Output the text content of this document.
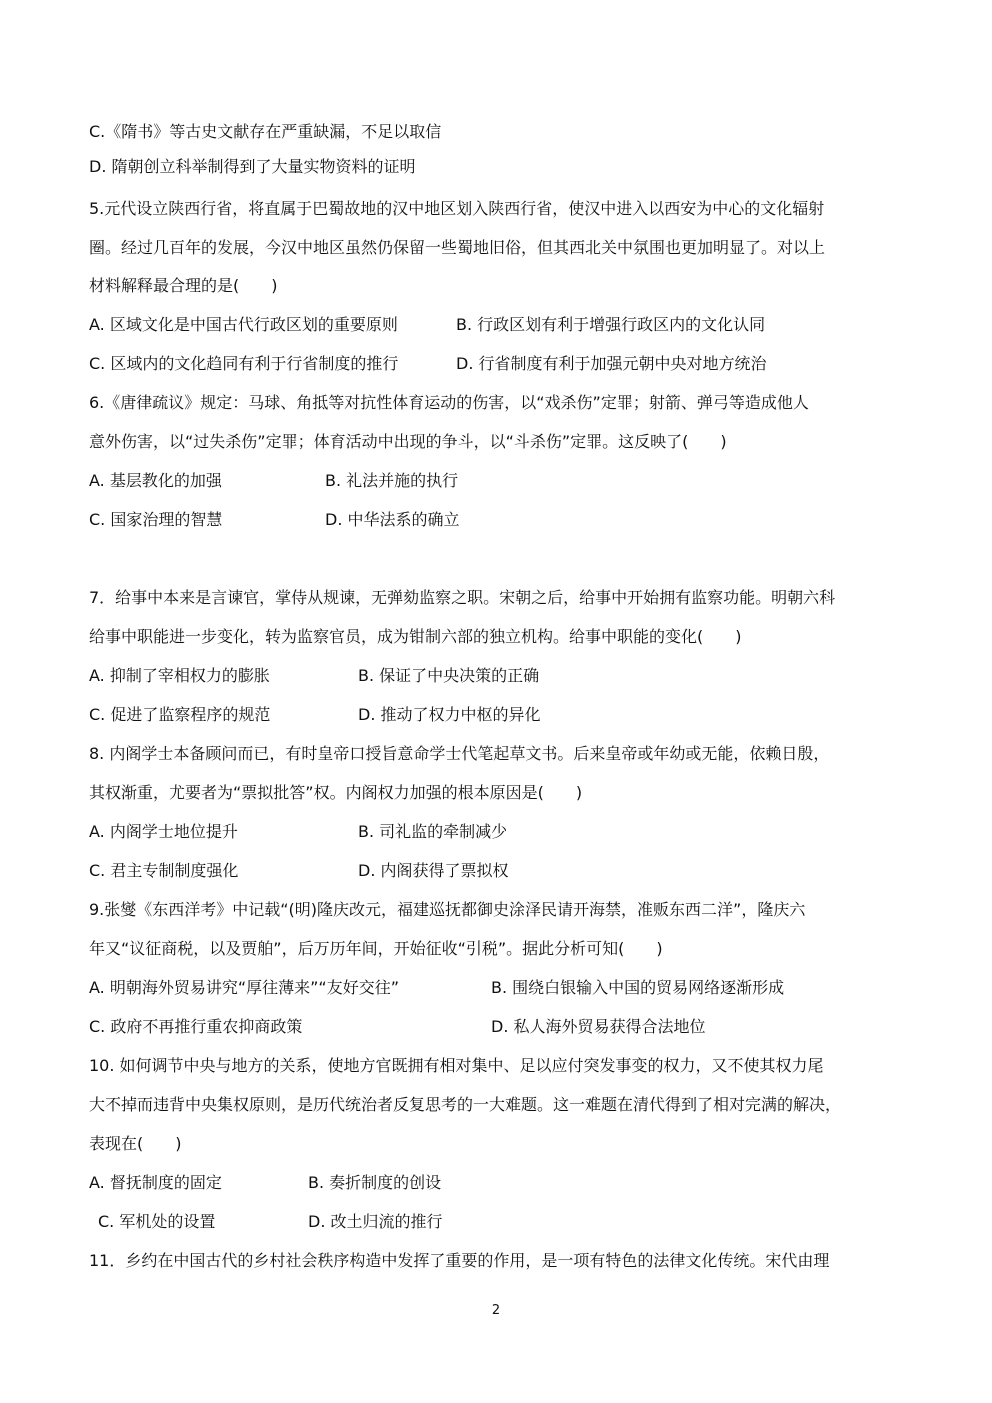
C.《隋书》等古史文献存在严重缺漏，不足以取信
D. 隋朝创立科举制得到了大量实物资料的证明
5.元代设立陕西行省，将直属于巴蜀故地的汉中地区划入陕西行省，使汉中进入以西安为中心的文化辐射
圈。经过几百年的发展，今汉中地区虽然仍保留一些蜀地旧俗，但其西北关中氛围也更加明显了。对以上
材料解释最合理的是(　　)
A. 区域文化是中国古代行政区划的重要原则	B. 行政区划有利于增强行政区内的文化认同
C. 区域内的文化趋同有利于行省制度的推行	D. 行省制度有利于加强元朝中央对地方统治
6.《唐律疏议》规定：马球、角抵等对抗性体育运动的伤害，以“戏杀伤”定罪；射箭、弹弓等造成他人
意外伤害，以“过失杀伤”定罪；体育活动中出现的争斗，以“斗杀伤”定罪。这反映了(　　)
A. 基层教化的加强	B. 礼法并施的执行
C. 国家治理的智慧	D. 中华法系的确立
7．给事中本来是言谏官，掌侍从规谏，无弹劾监察之职。宋朝之后，给事中开始拥有监察功能。明朝六科
给事中职能进一步变化，转为监察官员，成为钳制六部的独立机构。给事中职能的变化(　　)
A. 抑制了宰相权力的膨胀	B. 保证了中央决策的正确
C. 促进了监察程序的规范	D. 推动了权力中枢的异化
8. 内阁学士本备顾问而已，有时皇帝口授旨意命学士代笔起草文书。后来皇帝或年幼或无能，依赖日殷，
其权渐重，尤要者为“票拟批答”权。内阁权力加强的根本原因是(　　)
A. 内阁学士地位提升	B. 司礼监的牵制减少
C. 君主专制制度强化	D. 内阁获得了票拟权
9.张燮《东西洋考》中记载“(明)隆庆改元，福建巡抚都御史涂泽民请开海禁，准贩东西二洋”，隆庆六
年又“议征商税，以及贾舶”，后万历年间，开始征收“引税”。据此分析可知(　　)
A. 明朝海外贸易讲究“厚往薄来”“友好交往”	B. 围绕白银输入中国的贸易网络逐渐形成
C. 政府不再推行重农抑商政策	D. 私人海外贸易获得合法地位
10. 如何调节中央与地方的关系，使地方官既拥有相对集中、足以应付突发事变的权力，又不使其权力尾
大不掉而违背中央集权原则，是历代统治者反复思考的一大难题。这一难题在清代得到了相对完满的解决，
表现在(　　)
A. 督抚制度的固定	B. 奏折制度的创设
C. 军机处的设置	D. 改土归流的推行
11．乡约在中国古代的乡村社会秩序构造中发挥了重要的作用，是一项有特色的法律文化传统。宋代由理
2
